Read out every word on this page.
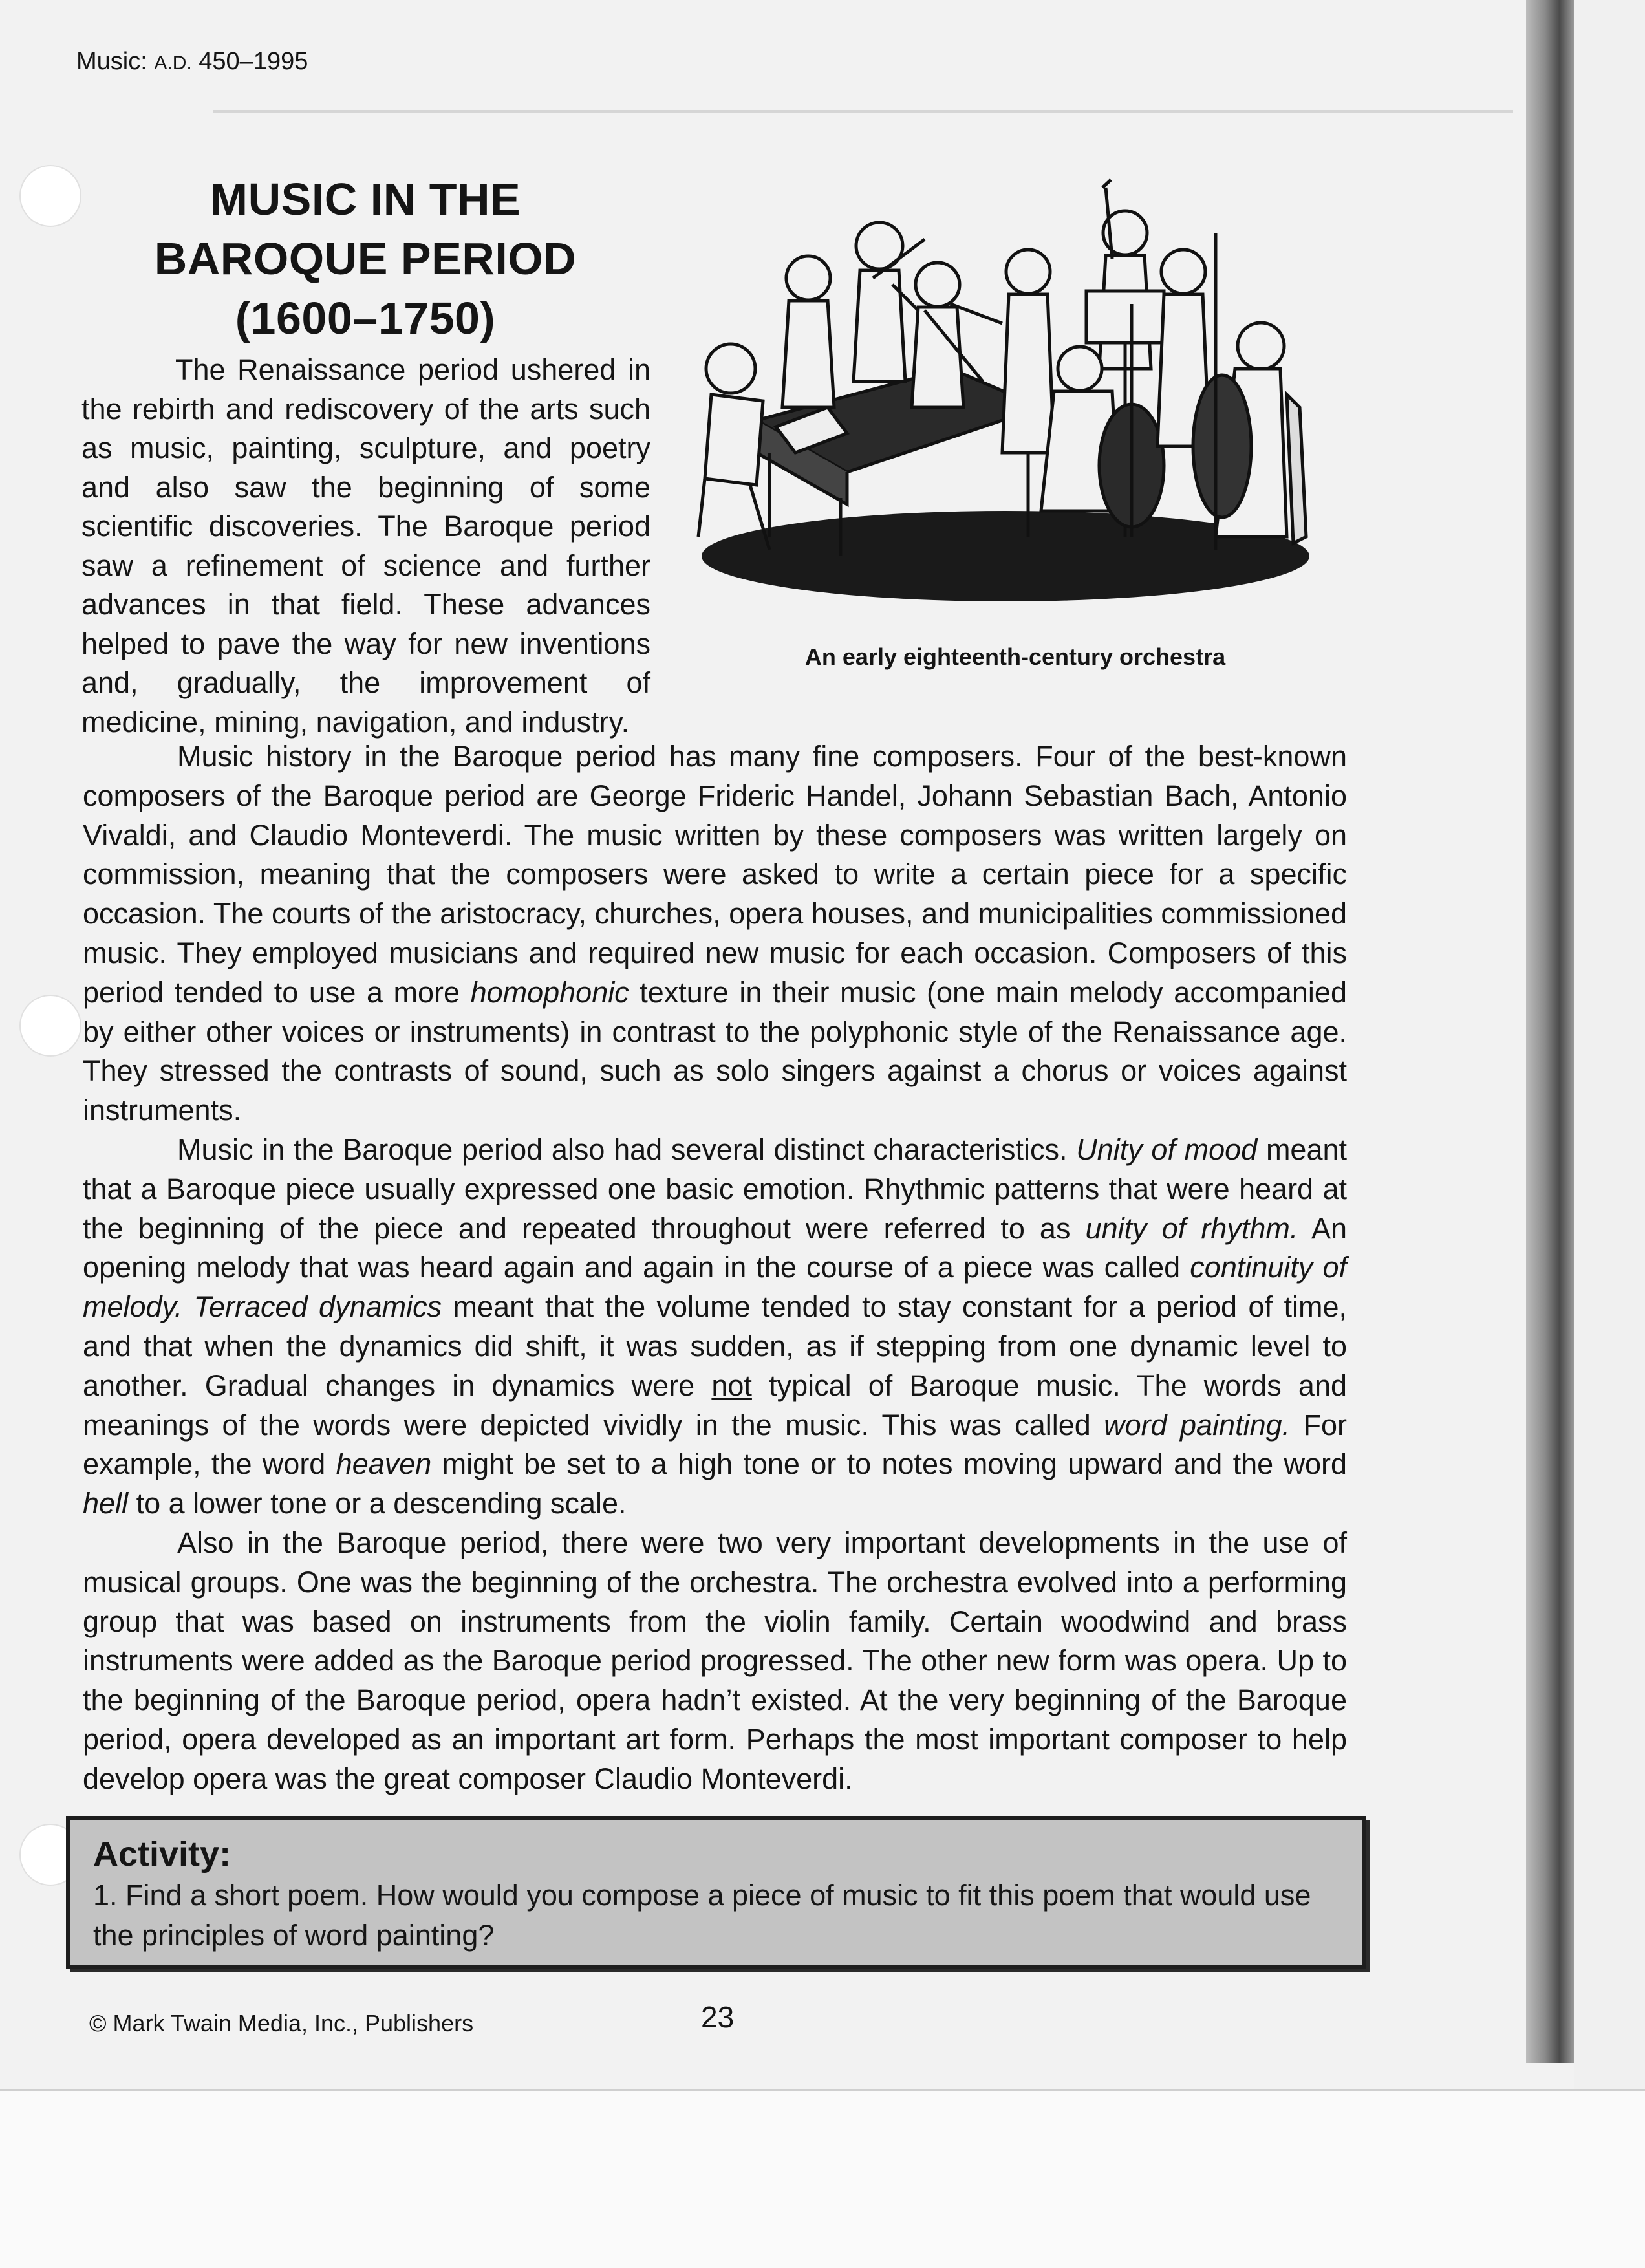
Music: A.D. 450–1995
MUSIC IN THE
BAROQUE PERIOD
(1600–1750)
An early eighteenth-century orchestra
The Renaissance period ushered in the rebirth and rediscovery of the arts such as music, painting, sculpture, and poetry and also saw the beginning of some scientific discoveries. The Baroque period saw a refinement of science and further advances in that field. These advances helped to pave the way for new inventions and, gradually, the improvement of medicine, mining, navigation, and industry.

Music history in the Baroque period has many fine composers. Four of the best-known composers of the Baroque period are George Frideric Handel, Johann Sebastian Bach, Antonio Vivaldi, and Claudio Monteverdi. The music written by these composers was written largely on commission, meaning that the composers were asked to write a certain piece for a specific occasion. The courts of the aristocracy, churches, opera houses, and municipalities commissioned music. They employed musicians and required new music for each occasion. Composers of this period tended to use a more homophonic texture in their music (one main melody accompanied by either other voices or instruments) in contrast to the polyphonic style of the Renaissance age. They stressed the contrasts of sound, such as solo singers against a chorus or voices against instruments.

Music in the Baroque period also had several distinct characteristics. Unity of mood meant that a Baroque piece usually expressed one basic emotion. Rhythmic patterns that were heard at the beginning of the piece and repeated throughout were referred to as unity of rhythm. An opening melody that was heard again and again in the course of a piece was called continuity of melody. Terraced dynamics meant that the volume tended to stay constant for a period of time, and that when the dynamics did shift, it was sudden, as if stepping from one dynamic level to another. Gradual changes in dynamics were not typical of Baroque music. The words and meanings of the words were depicted vividly in the music. This was called word painting. For example, the word heaven might be set to a high tone or to notes moving upward and the word hell to a lower tone or a descending scale.

Also in the Baroque period, there were two very important developments in the use of musical groups. One was the beginning of the orchestra. The orchestra evolved into a performing group that was based on instruments from the violin family. Certain woodwind and brass instruments were added as the Baroque period progressed. The other new form was opera. Up to the beginning of the Baroque period, opera hadn’t existed. At the very beginning of the Baroque period, opera developed as an important art form. Perhaps the most important composer to help develop opera was the great composer Claudio Monteverdi.

Activity:
1. Find a short poem. How would you compose a piece of music to fit this poem that would use the principles of word painting?
© Mark Twain Media, Inc., Publishers	23
